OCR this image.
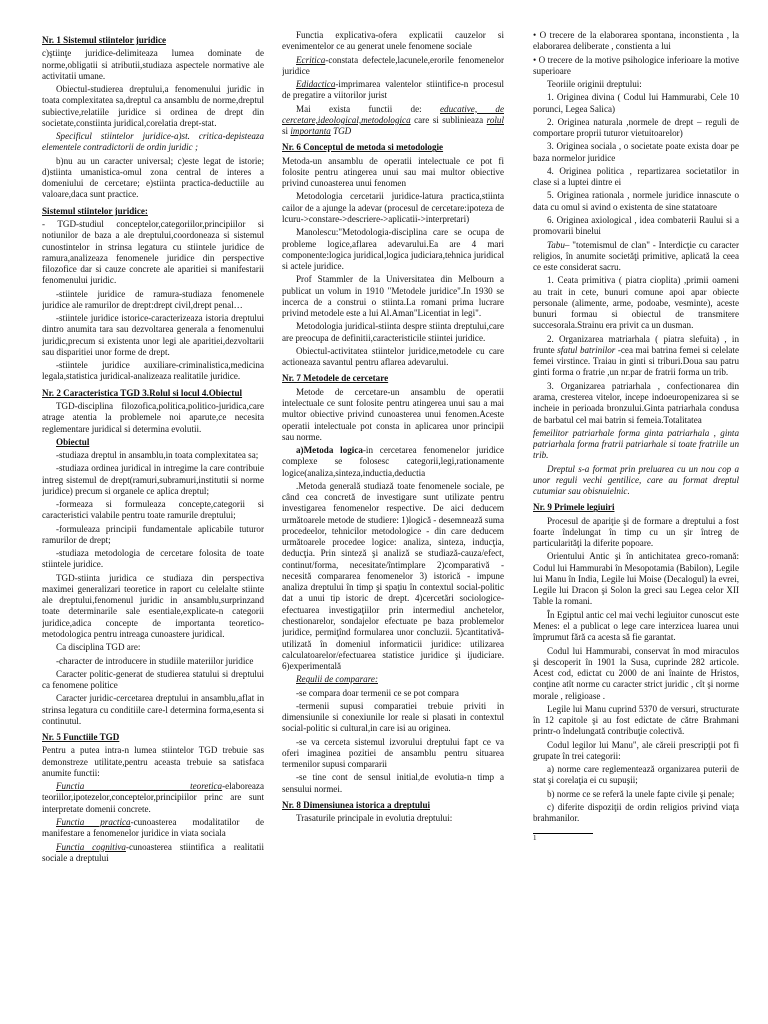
Nr. 1 Sistemul stiintelor juridice

c)ştiinţe juridice-delimiteaza lumea dominate de norme,obligatii si atributii,studiaza aspectele normative ale activitatii umane.

Obiectul-studierea dreptului,a fenomenului juridic in toata complexitatea sa,dreptul ca ansamblu de norme,dreptul subiective,relatiile juridice si ordinea de drept din societate,constiinta juridical,corelatia drept-stat.

Specificul stiintelor juridice-a)st. critica-depisteaza elementele contradictorii de ordin juridic ;

b)nu au un caracter universal; c)este legat de istorie; d)stiinta umanistica-omul zona central de interes a domeniului de cercetare; e)stiinta practica-deductiile au valoare,daca sunt practice.

Sistemul stiintelor juridice:

- TGD-studiul conceptelor,categoriilor,principiilor si notiunilor de baza a ale dreptului,coordoneaza si sistemul cunostintelor in strinsa legatura cu stiintele juridice de ramura,analizeaza fenomenele juridice din perspective filozofice dar si cauze concrete ale aparitiei si manifestarii fenomenului juridic.

-stiintele juridice de ramura-studiaza fenomenele juridice ale ramurilor de drept:drept civil,drept penal…

-stiintele juridice istorice-caracterizeaza istoria dreptului dintro anumita tara sau dezvoltarea generala a fenomenului juridic,precum si existenta unor legi ale aparitiei,dezvoltarii sau disparitiei unor forme de drept.

-stiintele juridice auxiliare-criminalistica,medicina legala,statistica juridical-analizeaza realitatile juridice.

Nr. 2 Caracteristica TGD 3.Rolul si locul 4.Obiectul

TGD-disciplina filozofica,politica,politico-juridica,care atrage atentia la problemele noi aparute,ce necesita reglementare juridical si determina evolutii.

Obiectul

-studiaza dreptul in ansamblu,in toata complexitatea sa;

-studiaza ordinea juridical in intregime la care contribuie intreg sistemul de drept(ramuri,subramuri,institutii si norme juridice) precum si organele ce aplica dreptul;

-formeaza si formuleaza concepte,categorii si caracteristici valabile pentru toate ramurile dreptului;

-formuleaza principii fundamentale aplicabile tuturor ramurilor de drept;

-studiaza metodologia de cercetare folosita de toate stiintele juridice.

TGD-stiinta juridica ce studiaza din perspectiva maximei generalizari teoretice in raport cu celelalte stiinte ale dreptului,fenomenul juridic in ansamblu,surprinzand toate determinarile sale esentiale,explicate-n categorii juridice,adica concepte de importanta teoretico-metodologica pentru intreaga cunoastere juridical.

Ca disciplina TGD are:

-character de introducere in studiile materiilor juridice

Caracter politic-generat de studierea statului si dreptului ca fenomene politice

Caracter juridic-cercetarea dreptului in ansamblu,aflat in strinsa legatura cu conditiile care-l determina forma,esenta si continutul.

Nr. 5 Functiile TGD

Pentru a putea intra-n lumea stiintelor TGD trebuie sas demonstreze utilitate,pentru aceasta trebuie sa satisfaca anumite functii:

Functia teoretica-elaboreaza teoriilor,ipotezelor,conceptelor,principiilor princ are sunt interpretate domenii concrete.

Functia practica-cunoasterea modalitatilor de manifestare a fenomenelor juridice in viata sociala

Functia cognitiva-cunoasterea stiintifica a realitatii sociale a dreptului

Functia explicativa-ofera explicatii cauzelor si evenimentelor ce au generat unele fenomene sociale

Ecritica-constata defectele,lacunele,erorile fenomenelor juridice

Edidactica-imprimarea valentelor stiintifice-n procesul de pregatire a viitorilor jurist

Mai exista functii de: educative, de cercetare,ideological,metodologica care si sublinieaza rolul si importanta TGD

Nr. 6 Conceptul de metoda si metodologie

Metoda-un ansamblu de operatii intelectuale ce pot fi folosite pentru atingerea unui sau mai multor obiective privind cunoasterea unui fenomen

Metodologia cercetarii juridice-latura practica,stiinta cailor de a ajunge la adevar (procesul de cercetare:ipoteza de lcuru->constare->descriere->aplicatii->interpretari)

Manolescu:"Metodologia-disciplina care se ocupa de probleme logice,aflarea adevarului.Ea are 4 mari componente:logica juridical,logica judiciara,tehnica juridical si actele juridice.

Prof Stammler de la Universitatea din Melbourn a publicat un volum in 1910 "Metodele juridice".In 1930 se incerca de a construi o stiinta.La romani prima lucrare privind metodele este a lui Al.Aman"Licentiat in legi".

Metodologia juridical-stiinta despre stiinta dreptului,care are preocupa de definitii,caracteristicile stiintei juridice.

Obiectul-activitatea stiintelor juridice,metodele cu care actioneaza savantul pentru aflarea adevarului.

Nr. 7 Metodele de cercetare

Metode de cercetare-un ansamblu de operatii intelectuale ce sunt folosite pentru atingerea unui sau a mai multor obiective privind cunoasterea unui fenomen.Aceste operatii intelectuale pot consta in aplicarea unor principii sau norme.

a)Metoda logica-in cercetarea fenomenelor juridice complexe se folosesc categorii,legi,rationamente logice(analiza,sinteza,inductia,deductia

.Metoda generală studiază toate fenomenele sociale, pe când cea concretă de investigare sunt utilizate pentru investigarea fenomenelor respective. De aici deducem următoarele metode de studiere: 1)logică - desemnează suma procedeelor, tehnicilor metodologice - din care deducem următoarele procedee logice: analiza, sinteza, inducţia, deducţia. Prin sinteză şi analiză se studiază-cauza/efect, continut/forma, necesitate/întimplare 2)comparativă - necesită compararea fenomenelor 3) istorică - impune analiza dreptului în timp şi spaţiu în contextul social-politic dat a unui tip istoric de drept. 4)cercetări sociologice- efectuarea investigaţiilor prin intermediul anchetelor, chestionarelor, sondajelor efectuate pe baza problemelor juridice, permiţînd formularea unor concluzii. 5)cantitativă- utilizată în domeniul informaticii juridice: utilizarea calculatoarelor/efectuarea statistice juridice şi ijudiciare. 6)experimentală

Regulii de comparare:

-se compara doar termenii ce se pot compara

-termenii supusi comparatiei trebuie priviti in dimensiunile si conexiunile lor reale si plasati in contextul social-politic si cultural,in care isi au originea.

-se va cerceta sistemul izvorului dreptului fapt ce va oferi imaginea pozitiei de ansamblu pentru situarea termenilor supusi compararii

-se tine cont de sensul initial,de evolutia-n timp a sensului normei.

Nr. 8 Dimensiunea istorica a dreptului

Trasaturile principale in evolutia dreptului:

• O trecere de la elaborarea spontana, inconstienta , la elaborarea deliberate , constienta a lui

• O trecere de la motive psihologice inferioare la motive superioare

Teoriile originii dreptului:

1. Originea divina ( Codul lui Hammurabi, Cele 10 porunci, Legea Salica)
2. Originea naturala ,normele de drept – reguli de comportare proprii tuturor vietuitoarelor)
3. Originea sociala , o societate poate exista doar pe baza normelor juridice
4. Originea politica , repartizarea societatilor in clase si a luptei dintre ei
5. Originea rationala , normele juridice innascute o data cu omul si avind o existenta de sine statatoare
6. Originea axiological , idea combaterii Raului si a promovarii binelui

Tabu– "totemismul de clan" - Interdicţie cu caracter religios, în anumite societăţi primitive, aplicată la ceea ce este considerat sacru.

1. Ceata primitiva ( piatra cioplita) ,primii oameni au trait in cete, bunuri comune apoi apar obiecte personale (alimente, arme, podoabe, vesminte), aceste bunuri formau si obiectul de transmitere succesorala.Strainu era privit ca un dusman.

2. Organizarea matriarhala ( piatra slefuita) , in frunte sfatul batrinilor -cea mai batrina femei si celelate femei virstince. Traiau in ginti si triburi.Doua sau patru ginti forma o fratrie ,un nr.par de fratrii forma un trib.

3. Organizarea patriarhala , confectionarea din arama, cresterea vitelor, incepe indoeuropenizarea si se incheie in perioada bronzului.Ginta patriarhala condusa de barbatul cel mai batrin si femeia.Totalitatea

femeilitor patriarhale forma ginta patriarhala , ginta patriarhala forma fratrii patriarhale si toate fratriile un trib.

Dreptul s-a format prin preluarea cu un nou cop a unor reguli vechi gentilice, care au format dreptul cutumiar sau obisnuielnic.

Nr. 9 Primele legiuiri

Procesul de apariţie şi de formare a dreptului a fost foarte îndelungat în timp cu un şir întreg de particularităţi la diferite popoare.

Orientului Antic şi în antichitatea greco-romană: Codul lui Hammurabi în Mesopotamia (Babilon), Legile lui Manu în India, Legile lui Moise (Decalogul) la evrei, Legile lui Dracon şi Solon la greci sau Legea celor XII Table la romani.

În Egiptul antic cel mai vechi legiuitor cunoscut este Menes: el a publicat o lege care interzicea luarea unui împrumut fără ca acesta să fie garantat.

Codul lui Hammurabi, conservat în mod miraculos şi descoperit în 1901 la Susa, cuprinde 282 articole. Acest cod, edictat cu 2000 de ani înainte de Hristos, conţine atît norme cu caracter strict juridic , cît şi norme morale , religioase .

Legile lui Manu cuprind 5370 de versuri, structurate în 12 capitole şi au fost edictate de către Brahmani printr-o îndelungată contribuţie colectivă.

Codul legilor lui Manu", ale căreii prescripţii pot fi grupate în trei categorii:

a) norme care reglementează organizarea puterii de stat şi corelaţia ei cu supuşii;

b) norme ce se referă la unele fapte civile şi penale;

c) diferite dispoziţii de ordin religios privind viaţa brahmanilor.

1
